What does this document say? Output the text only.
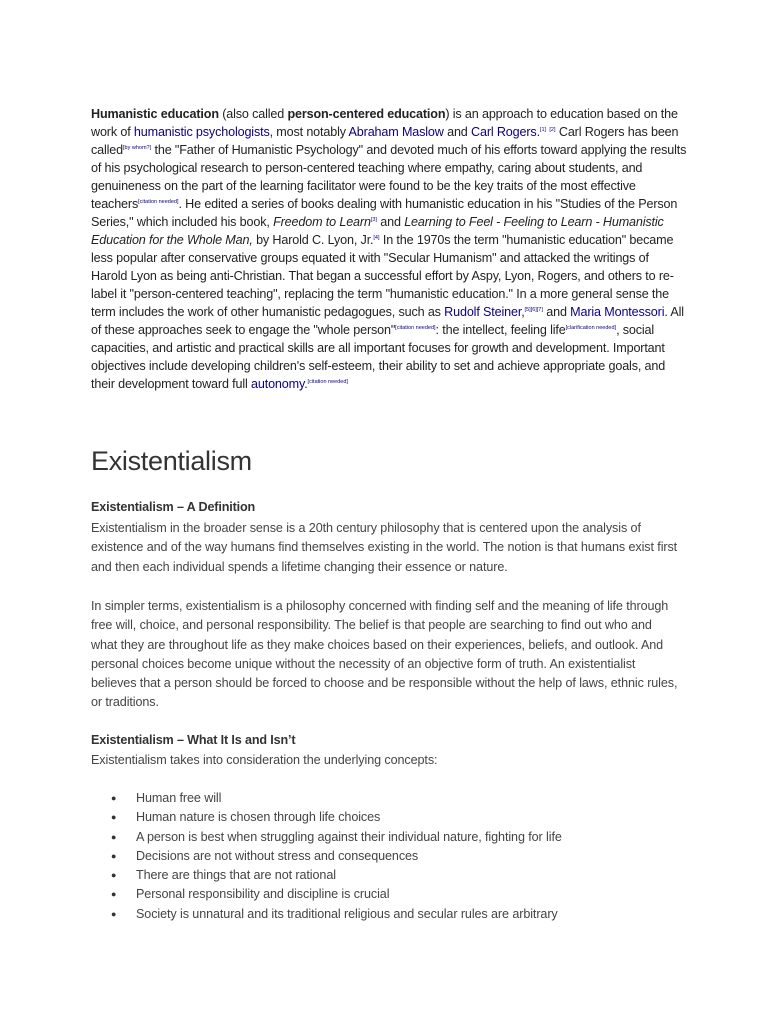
Humanistic education (also called person-centered education) is an approach to education based on the work of humanistic psychologists, most notably Abraham Maslow and Carl Rogers.[1] [2] Carl Rogers has been called[by whom?] the "Father of Humanistic Psychology" and devoted much of his efforts toward applying the results of his psychological research to person-centered teaching where empathy, caring about students, and genuineness on the part of the learning facilitator were found to be the key traits of the most effective teachers[citation needed]. He edited a series of books dealing with humanistic education in his "Studies of the Person Series," which included his book, Freedom to Learn[3] and Learning to Feel - Feeling to Learn - Humanistic Education for the Whole Man, by Harold C. Lyon, Jr.[4] In the 1970s the term "humanistic education" became less popular after conservative groups equated it with "Secular Humanism" and attacked the writings of Harold Lyon as being anti-Christian. That began a successful effort by Aspy, Lyon, Rogers, and others to re-label it "person-centered teaching", replacing the term "humanistic education." In a more general sense the term includes the work of other humanistic pedagogues, such as Rudolf Steiner,[5][6][7] and Maria Montessori. All of these approaches seek to engage the "whole person"[citation needed]: the intellect, feeling life[clarification needed], social capacities, and artistic and practical skills are all important focuses for growth and development. Important objectives include developing children's self-esteem, their ability to set and achieve appropriate goals, and their development toward full autonomy.[citation needed]

Existentialism
Existentialism – A Definition

Existentialism in the broader sense is a 20th century philosophy that is centered upon the analysis of existence and of the way humans find themselves existing in the world. The notion is that humans exist first and then each individual spends a lifetime changing their essence or nature.

In simpler terms, existentialism is a philosophy concerned with finding self and the meaning of life through free will, choice, and personal responsibility. The belief is that people are searching to find out who and what they are throughout life as they make choices based on their experiences, beliefs, and outlook. And personal choices become unique without the necessity of an objective form of truth. An existentialist believes that a person should be forced to choose and be responsible without the help of laws, ethnic rules, or traditions.

Existentialism – What It Is and Isn’t

Existentialism takes into consideration the underlying concepts:

● Human free will
● Human nature is chosen through life choices
● A person is best when struggling against their individual nature, fighting for life
● Decisions are not without stress and consequences
● There are things that are not rational
● Personal responsibility and discipline is crucial
● Society is unnatural and its traditional religious and secular rules are arbitrary
